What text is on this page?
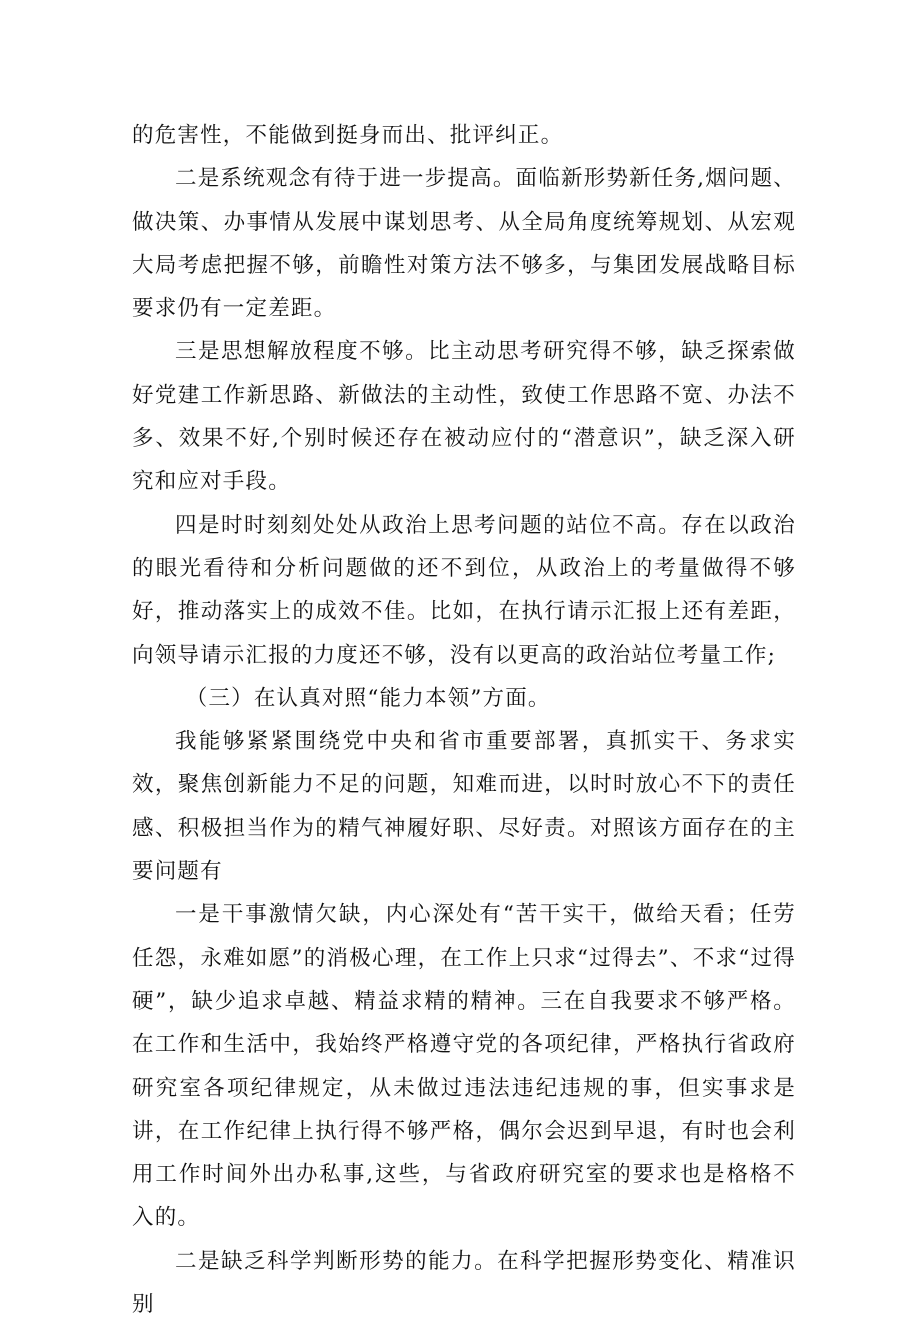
的危害性，不能做到挺身而出、批评纠正。

二是系统观念有待于进一步提高。面临新形势新任务,烟问题、做决策、办事情从发展中谋划思考、从全局角度统筹规划、从宏观大局考虑把握不够，前瞻性对策方法不够多，与集团发展战略目标要求仍有一定差距。

三是思想解放程度不够。比主动思考研究得不够，缺乏探索做好党建工作新思路、新做法的主动性，致使工作思路不宽、办法不多、效果不好,个别时候还存在被动应付的“潜意识”，缺乏深入研究和应对手段。

四是时时刻刻处处从政治上思考问题的站位不高。存在以政治的眼光看待和分析问题做的还不到位，从政治上的考量做得不够好，推动落实上的成效不佳。比如，在执行请示汇报上还有差距，向领导请示汇报的力度还不够，没有以更高的政治站位考量工作;

（三）在认真对照“能力本领”方面。

我能够紧紧围绕党中央和省市重要部署，真抓实干、务求实效，聚焦创新能力不足的问题，知难而进，以时时放心不下的责任感、积极担当作为的精气神履好职、尽好责。对照该方面存在的主要问题有

一是干事激情欠缺，内心深处有“苦干实干，做给天看；任劳任怨，永难如愿”的消极心理，在工作上只求“过得去”、不求“过得硬”，缺少追求卓越、精益求精的精神。三在自我要求不够严格。在工作和生活中，我始终严格遵守党的各项纪律，严格执行省政府研究室各项纪律规定，从未做过违法违纪违规的事，但实事求是讲，在工作纪律上执行得不够严格，偶尔会迟到早退，有时也会利用工作时间外出办私事,这些，与省政府研究室的要求也是格格不入的。

二是缺乏科学判断形势的能力。在科学把握形势变化、精准识别
